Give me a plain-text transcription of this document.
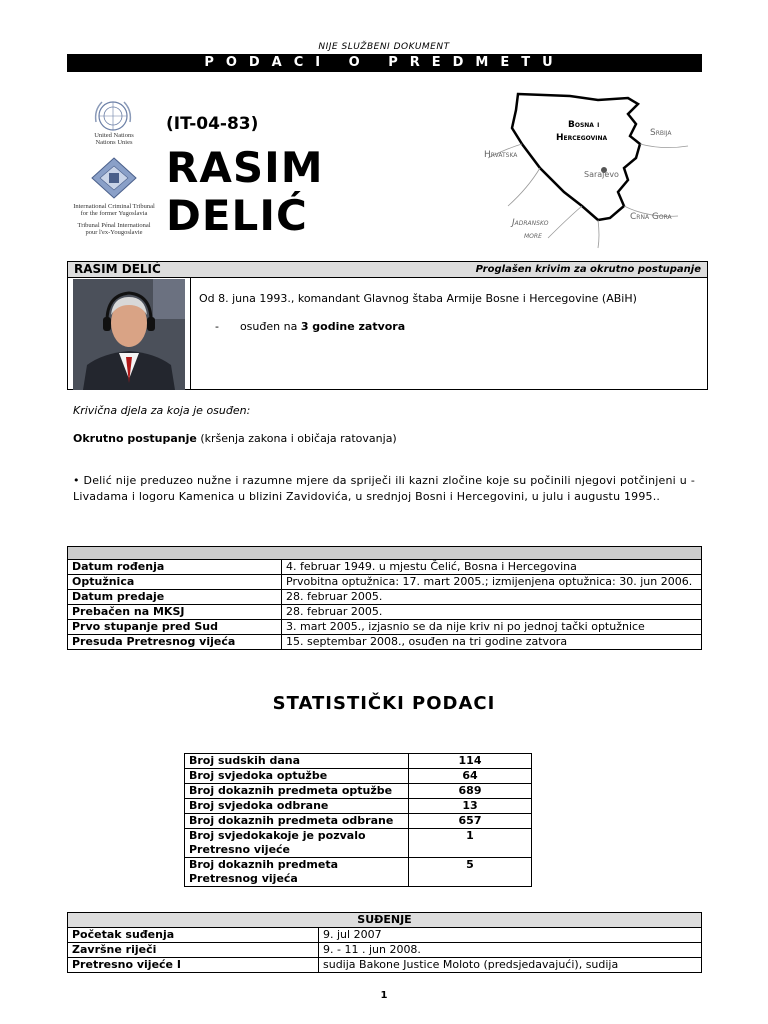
NIJE SLUŽBENI DOKUMENT
PODACI O PREDMETU
United Nations
Nations Unies
International Criminal Tribunal
for the former Yugoslavia
Tribunal Pénal International
pour l'ex-Yougoslavie
(IT-04-83)
RASIM
DELIĆ
Bosna i
Hercegovina	Srbija
Hrvatska
Sarajevo
Jadransko
more
Crna Gora
RASIM DELIĆ	Proglašen krivim za okrutno postupanje
Od 8. juna 1993., komandant Glavnog štaba Armije Bosne i Hercegovine (ABiH)
-      osuđen na 3 godine zatvora
Krivična djela za koja je osuđen:
Okrutno postupanje (kršenja zakona i običaja ratovanja)
• Delić nije preduzeo nužne i razumne mjere da spriječi ili kazni zločine koje su počinili njegovi potčinjeni u -Livadama i logoru Kamenica u blizini Zavidovića, u srednjoj Bosni i Hercegovini, u julu i augustu 1995..

Datum rođenja	4. februar 1949. u mjestu Čelić, Bosna i Hercegovina
Optužnica	Prvobitna optužnica: 17. mart 2005.; izmijenjena optužnica: 30. jun 2006.
Datum predaje	28. februar 2005.
Prebačen na MKSJ	28. februar 2005.
Prvo stupanje pred Sud	3. mart 2005., izjasnio se da nije kriv ni po jednoj tački optužnice
Presuda Pretresnog vijeća	15. septembar 2008., osuđen na tri godine zatvora
STATISTIČKI PODACI
Broj sudskih dana	114
Broj svjedoka optužbe	64
Broj dokaznih predmeta optužbe	689
Broj svjedoka odbrane	13
Broj dokaznih predmeta odbrane	657
Broj svjedokakoje je pozvalo Pretresno vijeće	1
Broj dokaznih predmeta Pretresnog vijeća	5
SUĐENJE	
Početak suđenja	9. jul 2007
Završne riječi	9. - 11 . jun 2008.
Pretresno vijeće I	sudija Bakone Justice Moloto (predsjedavajući), sudija
1
